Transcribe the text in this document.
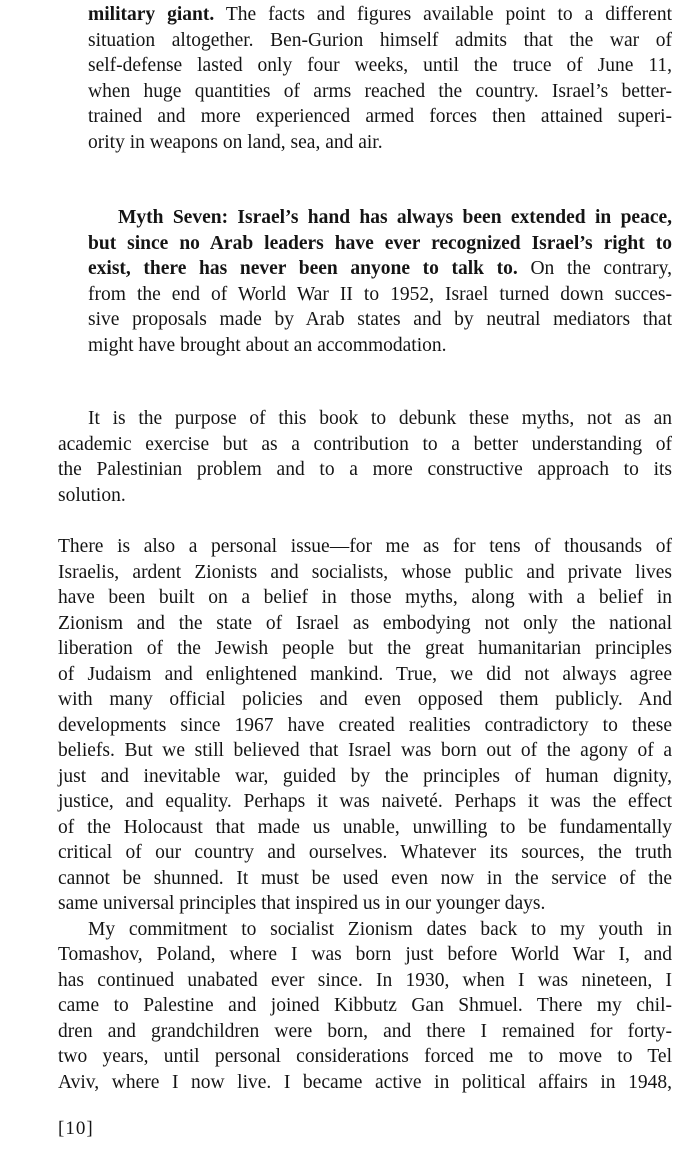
military giant. The facts and figures available point to a different
situation altogether. Ben-Gurion himself admits that the war of
self-defense lasted only four weeks, until the truce of June 11,
when huge quantities of arms reached the country. Israel’s better-
trained and more experienced armed forces then attained superi-
ority in weapons on land, sea, and air.
Myth Seven: Israel’s hand has always been extended in peace,
but since no Arab leaders have ever recognized Israel’s right to
exist, there has never been anyone to talk to. On the contrary,
from the end of World War II to 1952, Israel turned down succes-
sive proposals made by Arab states and by neutral mediators that
might have brought about an accommodation.
It is the purpose of this book to debunk these myths, not as an
academic exercise but as a contribution to a better understanding of
the Palestinian problem and to a more constructive approach to its
solution.
There is also a personal issue—for me as for tens of thousands of
Israelis, ardent Zionists and socialists, whose public and private lives
have been built on a belief in those myths, along with a belief in
Zionism and the state of Israel as embodying not only the national
liberation of the Jewish people but the great humanitarian principles
of Judaism and enlightened mankind. True, we did not always agree
with many official policies and even opposed them publicly. And
developments since 1967 have created realities contradictory to these
beliefs. But we still believed that Israel was born out of the agony of a
just and inevitable war, guided by the principles of human dignity,
justice, and equality. Perhaps it was naiveté. Perhaps it was the effect
of the Holocaust that made us unable, unwilling to be fundamentally
critical of our country and ourselves. Whatever its sources, the truth
cannot be shunned. It must be used even now in the service of the
same universal principles that inspired us in our younger days.
My commitment to socialist Zionism dates back to my youth in
Tomashov, Poland, where I was born just before World War I, and
has continued unabated ever since. In 1930, when I was nineteen, I
came to Palestine and joined Kibbutz Gan Shmuel. There my chil-
dren and grandchildren were born, and there I remained for forty-
two years, until personal considerations forced me to move to Tel
Aviv, where I now live. I became active in political affairs in 1948,
[10]
